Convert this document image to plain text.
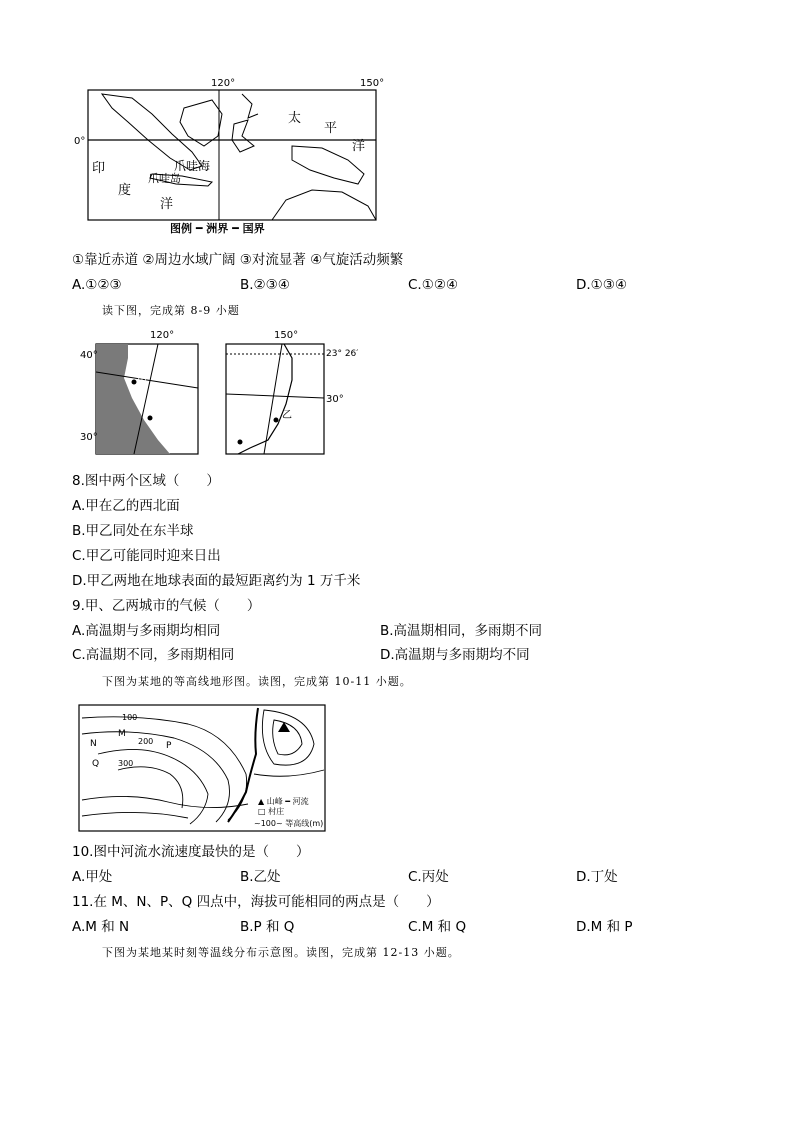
120°	150°
0°
太
平
洋
爪哇海
爪哇岛
印
度
洋
图例 ━ 洲界 ━ 国界
①靠近赤道 ②周边水域广阔 ③对流显著 ④气旋活动频繁
A.①②③	B.②③④	C.①②④	D.①③④
读下图，完成第 8-9 小题
120°
甲
40°
30°
150°
23° 26′
30°
乙
8.图中两个区域（　　）
A.甲在乙的西北面
B.甲乙同处在东半球
C.甲乙可能同时迎来日出
D.甲乙两地在地球表面的最短距离约为 1 万千米
9.甲、乙两城市的气候（　　）
A.高温期与多雨期均相同	B.高温期相同，多雨期不同
C.高温期不同，多雨期相同	D.高温期与多雨期均不同
下图为某地的等高线地形图。读图，完成第 10-11 小题。
100
200
300
M
N	P
Q
▲ 山峰 ━ 河流
□ 村庄
~100~ 等高线(m)
10.图中河流水流速度最快的是（　　）
A.甲处	B.乙处	C.丙处	D.丁处
11.在 M、N、P、Q 四点中，海拔可能相同的两点是（　　）
A.M 和 N	B.P 和 Q	C.M 和 Q	D.M 和 P
下图为某地某时刻等温线分布示意图。读图，完成第 12-13 小题。
